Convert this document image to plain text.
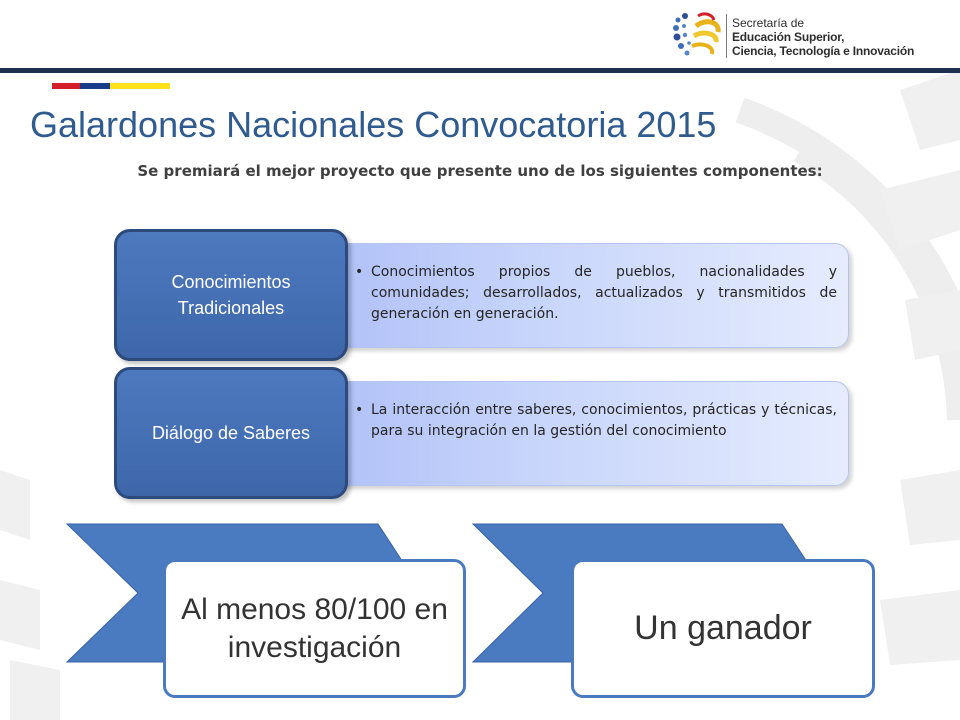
Secretaría de
Educación Superior,
Ciencia, Tecnología e Innovación
Galardones Nacionales Convocatoria 2015
Se premiará el mejor proyecto que presente uno de los siguientes componentes:
• Conocimientos propios de pueblos, nacionalidades y comunidades; desarrollados, actualizados y transmitidos de generación en generación.
Conocimientos Tradicionales
• La interacción entre saberes, conocimientos, prácticas y técnicas, para su integración en la gestión del conocimiento
Diálogo de Saberes
Al menos 80/100 en investigación	Un ganador
